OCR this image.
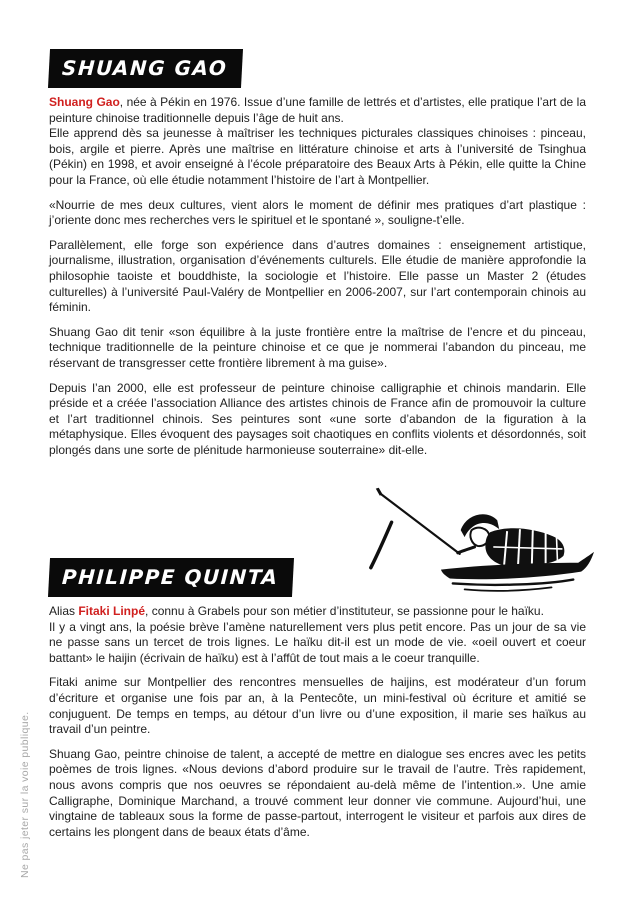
SHUANG GAO

Shuang Gao, née à Pékin en 1976. Issue d’une famille de lettrés et d’artistes, elle pratique l’art de la peinture chinoise traditionnelle depuis l’âge de huit ans.
Elle apprend dès sa jeunesse à maîtriser les techniques picturales classiques chinoises : pinceau, bois, argile et pierre. Après une maîtrise en littérature chinoise et arts à l’université de Tsinghua (Pékin) en 1998, et avoir enseigné à l’école préparatoire des Beaux Arts à Pékin, elle quitte la Chine pour la France, où elle étudie notamment l’histoire de l’art à Montpellier.

«Nourrie de mes deux cultures, vient alors le moment de définir mes pratiques d’art plastique : j’oriente donc mes recherches vers le spirituel et le spontané », souligne-t’elle.

Parallèlement, elle forge son expérience dans d’autres domaines : enseignement artistique, journalisme, illustration, organisation d’événements culturels. Elle étudie de manière approfondie la philosophie taoiste et bouddhiste, la sociologie et l’histoire. Elle passe un Master 2 (études culturelles) à l’université Paul-Valéry de Montpellier en 2006-2007, sur l’art contemporain chinois au féminin.

Shuang Gao dit tenir «son équilibre à la juste frontière entre la maîtrise de l’encre et du pinceau, technique traditionnelle de la peinture chinoise et ce que je nommerai l’abandon du pinceau, me réservant de transgresser cette frontière librement à ma guise».

Depuis l’an 2000, elle est professeur de peinture chinoise calligraphie et chinois mandarin. Elle préside et a créée l’association Alliance des artistes chinois de France afin de promouvoir la culture et l’art traditionnel chinois. Ses peintures sont «une sorte d’abandon de la figuration à la métaphysique. Elles évoquent des paysages soit chaotiques en conflits violents et désordonnés, soit plongés dans une sorte de plénitude harmonieuse souterraine» dit-elle.

PHILIPPE QUINTA

Alias Fitaki Linpé, connu à Grabels pour son métier d’instituteur, se passionne pour le haïku.
Il y a vingt ans, la poésie brève l’amène naturellement vers plus petit encore. Pas un jour de sa vie ne passe sans un tercet de trois lignes. Le haïku dit-il est un mode de vie. «oeil ouvert et coeur battant» le haijin (écrivain de haïku) est à l’affût de tout mais a le coeur tranquille.

Fitaki anime sur Montpellier des rencontres mensuelles de haijins, est modérateur d’un forum d’écriture et organise une fois par an, à la Pentecôte, un mini-festival où écriture et amitié se conjuguent. De temps en temps, au détour d’un livre ou d’une exposition, il marie ses haïkus au travail d’un peintre.

Shuang Gao, peintre chinoise de talent, a accepté de mettre en dialogue ses encres avec les petits poèmes de trois lignes. «Nous devions d’abord produire sur le travail de l’autre. Très rapidement, nous avons compris que nos oeuvres se répondaient au-delà même de l’intention.». Une amie Calligraphe, Dominique Marchand, a trouvé comment leur donner vie commune. Aujourd’hui, une vingtaine de tableaux sous la forme de passe-partout, interrogent le visiteur et parfois aux dires de certains les plongent dans de beaux états d’âme.

Ne pas jeter sur la voie publique.
